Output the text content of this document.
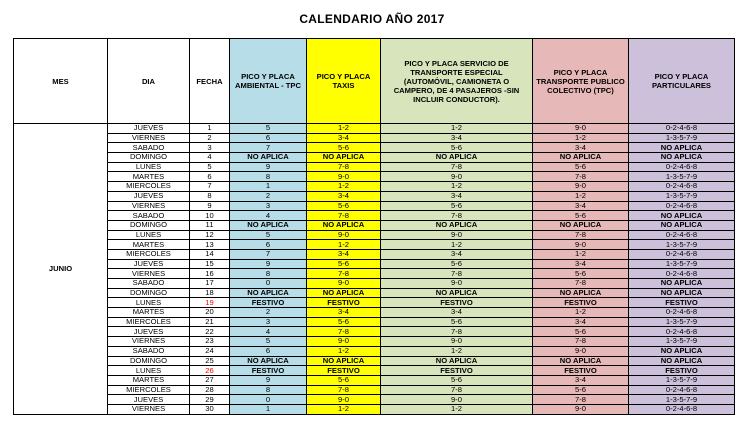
CALENDARIO AÑO 2017
MES	DIA	FECHA	PICO Y PLACA AMBIENTAL - TPC	PICO Y PLACA TAXIS	PICO Y PLACA SERVICIO DE TRANSPORTE ESPECIAL (AUTOMÓVIL, CAMIONETA O CAMPERO, DE 4 PASAJEROS -SIN INCLUIR CONDUCTOR).	PICO Y PLACA TRANSPORTE PUBLICO COLECTIVO (TPC)	PICO Y PLACA PARTICULARES
JUNIO	JUEVES	1	5	1-2	1-2	9-0	0-2-4-6-8
	VIERNES	2	6	3-4	3-4	1-2	1-3-5-7-9
	SABADO	3	7	5-6	5-6	3-4	NO APLICA
	DOMINGO	4	NO APLICA	NO APLICA	NO APLICA	NO APLICA	NO APLICA
	LUNES	5	9	7-8	7-8	5-6	0-2-4-6-8
	MARTES	6	8	9-0	9-0	7-8	1-3-5-7-9
	MIERCOLES	7	1	1-2	1-2	9-0	0-2-4-6-8
	JUEVES	8	2	3-4	3-4	1-2	1-3-5-7-9
	VIERNES	9	3	5-6	5-6	3-4	0-2-4-6-8
	SABADO	10	4	7-8	7-8	5-6	NO APLICA
	DOMINGO	11	NO APLICA	NO APLICA	NO APLICA	NO APLICA	NO APLICA
	LUNES	12	5	9-0	9-0	7-8	0-2-4-6-8
	MARTES	13	6	1-2	1-2	9-0	1-3-5-7-9
	MIERCOLES	14	7	3-4	3-4	1-2	0-2-4-6-8
	JUEVES	15	9	5-6	5-6	3-4	1-3-5-7-9
	VIERNES	16	8	7-8	7-8	5-6	0-2-4-6-8
	SABADO	17	0	9-0	9-0	7-8	NO APLICA
	DOMINGO	18	NO APLICA	NO APLICA	NO APLICA	NO APLICA	NO APLICA
	LUNES	19	FESTIVO	FESTIVO	FESTIVO	FESTIVO	FESTIVO
	MARTES	20	2	3-4	3-4	1-2	0-2-4-6-8
	MIERCOLES	21	3	5-6	5-6	3-4	1-3-5-7-9
	JUEVES	22	4	7-8	7-8	5-6	0-2-4-6-8
	VIERNES	23	5	9-0	9-0	7-8	1-3-5-7-9
	SABADO	24	6	1-2	1-2	9-0	NO APLICA
	DOMINGO	25	NO APLICA	NO APLICA	NO APLICA	NO APLICA	NO APLICA
	LUNES	26	FESTIVO	FESTIVO	FESTIVO	FESTIVO	FESTIVO
	MARTES	27	9	5-6	5-6	3-4	1-3-5-7-9
	MIERCOLES	28	8	7-8	7-8	5-6	0-2-4-6-8
	JUEVES	29	0	9-0	9-0	7-8	1-3-5-7-9
	VIERNES	30	1	1-2	1-2	9-0	0-2-4-6-8
